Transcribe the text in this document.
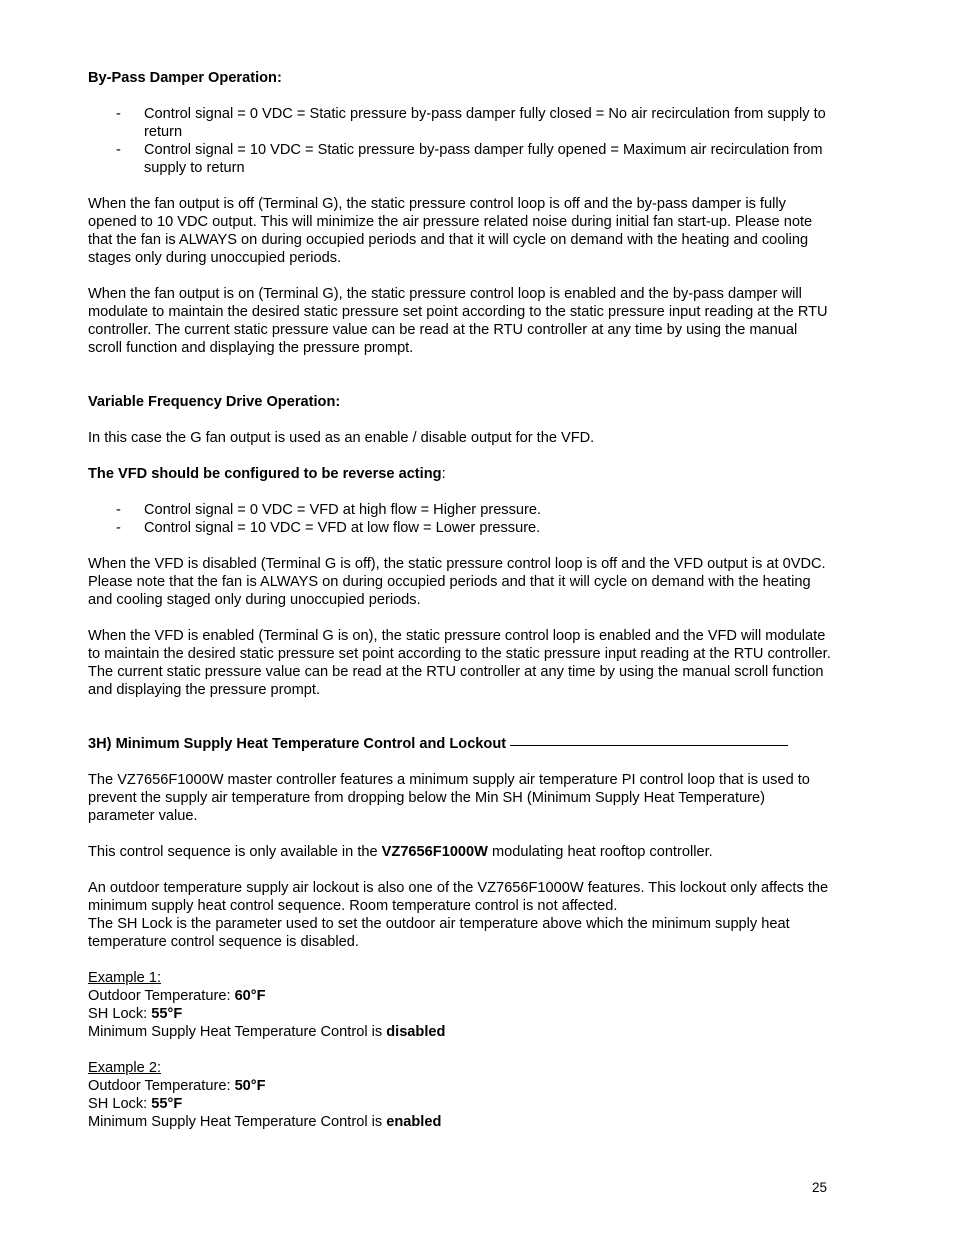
By-Pass Damper Operation:

- Control signal = 0 VDC = Static pressure by-pass damper fully closed = No air recirculation from supply to return
- Control signal = 10 VDC = Static pressure by-pass damper fully opened = Maximum air recirculation from supply to return

When the fan output is off (Terminal G), the static pressure control loop is off and the by-pass damper is fully opened to 10 VDC output. This will minimize the air pressure related noise during initial fan start-up. Please note that the fan is ALWAYS on during occupied periods and that it will cycle on demand with the heating and cooling stages only during unoccupied periods.

When the fan output is on (Terminal G), the static pressure control loop is enabled and the by-pass damper will modulate to maintain the desired static pressure set point according to the static pressure input reading at the RTU controller. The current static pressure value can be read at the RTU controller at any time by using the manual scroll function and displaying the pressure prompt.

Variable Frequency Drive Operation:

In this case the G fan output is used as an enable / disable output for the VFD.

The VFD should be configured to be reverse acting:

- Control signal = 0 VDC = VFD at high flow = Higher pressure.
- Control signal = 10 VDC = VFD at low flow = Lower pressure.

When the VFD is disabled (Terminal G is off), the static pressure control loop is off and the VFD output is at 0VDC. Please note that the fan is ALWAYS on during occupied periods and that it will cycle on demand with the heating and cooling staged only during unoccupied periods.

When the VFD is enabled (Terminal G is on), the static pressure control loop is enabled and the VFD will modulate to maintain the desired static pressure set point according to the static pressure input reading at the RTU controller. The current static pressure value can be read at the RTU controller at any time by using the manual scroll function and displaying the pressure prompt.

3H) Minimum Supply Heat Temperature Control and Lockout

The VZ7656F1000W master controller features a minimum supply air temperature PI control loop that is used to prevent the supply air temperature from dropping below the Min SH (Minimum Supply Heat Temperature) parameter value.

This control sequence is only available in the VZ7656F1000W modulating heat rooftop controller.

An outdoor temperature supply air lockout is also one of the VZ7656F1000W features. This lockout only affects the minimum supply heat control sequence. Room temperature control is not affected.

The SH Lock is the parameter used to set the outdoor air temperature above which the minimum supply heat temperature control sequence is disabled.

Example 1:

Outdoor Temperature: 60°F

SH Lock: 55°F

Minimum Supply Heat Temperature Control is disabled

Example 2:

Outdoor Temperature: 50°F

SH Lock: 55°F

Minimum Supply Heat Temperature Control is enabled

25
